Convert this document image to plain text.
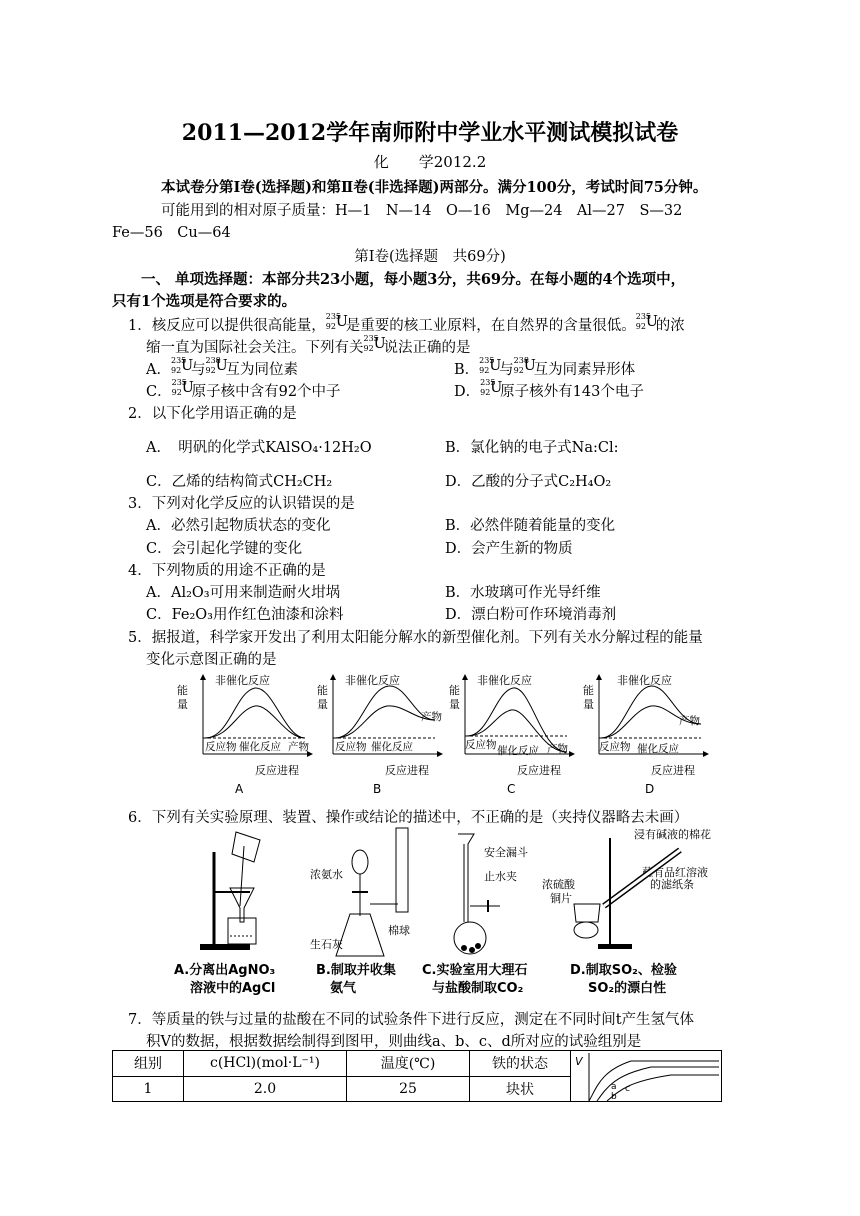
2011—2012学年南师附中学业水平测试模拟试卷
化　　学2012.2
本试卷分第Ⅰ卷(选择题)和第Ⅱ卷(非选择题)两部分。满分100分，考试时间75分钟。
可能用到的相对原子质量：H—1　N—14　O—16　Mg—24　Al—27　S—32
Fe—56　Cu—64
第Ⅰ卷(选择题　共69分)
一、 单项选择题：本部分共23小题，每小题3分，共69分。在每小题的4个选项中，
只有1个选项是符合要求的。
1．核反应可以提供很高能量，
235
92 U
是重要的核工业原料，在自然界的含量很低。
235
92 U
的浓
缩一直为国际社会关注。下列有关
235
92 U
说法正确的是
A．
235
92 U
与
238
92 U
互为同位素	B．
235
92 U
与
238
92 U
互为同素异形体
C．
235
92 U
原子核中含有92个中子	D．
235
92 U
原子核外有143个电子
2．以下化学用语正确的是
A．　明矾的化学式KAlSO₄·12H₂O	B．氯化钠的电子式Na:Cl:
C．乙烯的结构简式CH₂CH₂	D．乙酸的分子式C₂H₄O₂
3．下列对化学反应的认识错误的是
A．必然引起物质状态的变化	B．必然伴随着能量的变化
C．会引起化学键的变化	D．会产生新的物质
4．下列物质的用途不正确的是
A．Al₂O₃可用来制造耐火坩埚	B．水玻璃可作光导纤维
C．Fe₂O₃用作红色油漆和涂料	D．漂白粉可作环境消毒剂
5．据报道，科学家开发出了利用太阳能分解水的新型催化剂。下列有关水分解过程的能量
变化示意图正确的是
能
量
非催化反应
反应物 催化反应 产物
反应进程
A
能
量
非催化反应
产物
反应物 催化反应
反应进程
B
能
量
非催化反应
反应物 催化反应 产物
反应进程
C
能
量
非催化反应
产物
反应物 催化反应
反应进程
D
6．下列有关实验原理、装置、操作或结论的描述中，不正确的是（夹持仪器略去未画）
A.分离出AgNO₃
溶液中的AgCl
浓氨水
棉球
生石灰
B.制取并收集
氨气
安全漏斗
止水夹
C.实验室用大理石
与盐酸制取CO₂
浸有碱液的棉花
蘸有品红溶液
的滤纸条
浓硫酸
铜片
D.制取SO₂、检验
SO₂的漂白性
7．等质量的铁与过量的盐酸在不同的试验条件下进行反应，测定在不同时间t产生氢气体
积V的数据，根据数据绘制得到图甲，则曲线a、b、c、d所对应的试验组别是
组别	c(HCl)(mol·L⁻¹)	温度(℃)	铁的状态	V
a
b
c

1	2.0	25	块状	
